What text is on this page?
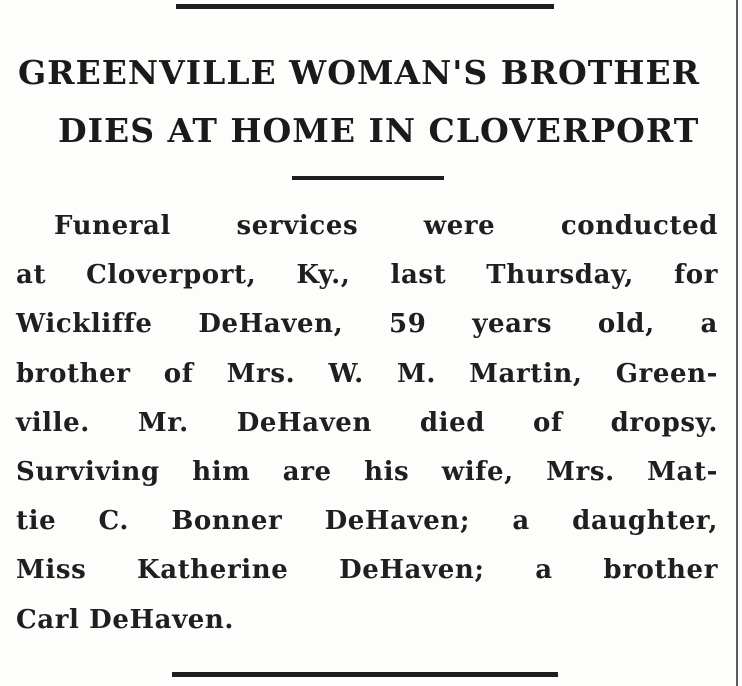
GREENVILLE WOMAN'S BROTHER
DIES AT HOME IN CLOVERPORT
Funeral services were conducted
at Cloverport, Ky., last Thursday, for
Wickliffe DeHaven, 59 years old, a
brother of Mrs. W. M. Martin, Green-
ville. Mr. DeHaven died of dropsy.
Surviving him are his wife, Mrs. Mat-
tie C. Bonner DeHaven; a daughter,
Miss Katherine DeHaven; a brother
Carl DeHaven.
